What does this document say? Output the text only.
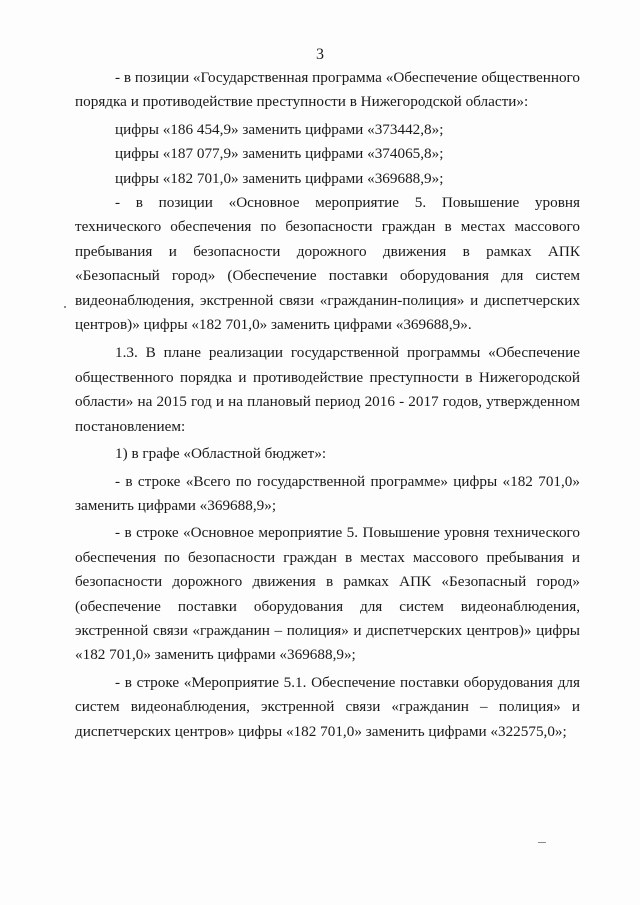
3

- в позиции «Государственная программа «Обеспечение общественного порядка и противодействие преступности в Нижегородской области»:

цифры «186 454,9» заменить цифрами «373442,8»;

цифры «187 077,9» заменить цифрами «374065,8»;

цифры «182 701,0» заменить цифрами «369688,9»;

- в позиции «Основное мероприятие 5. Повышение уровня технического обеспечения по безопасности граждан в местах массового пребывания и безопасности дорожного движения в рамках АПК «Безопасный город» (Обеспечение поставки оборудования для систем видеонаблюдения, экстренной связи «гражданин-полиция» и диспетчерских центров)» цифры «182 701,0» заменить цифрами «369688,9».

1.3. В плане реализации государственной программы «Обеспечение общественного порядка и противодействие преступности в Нижегородской области» на 2015 год и на плановый период 2016 - 2017 годов, утвержденном постановлением:

1) в графе «Областной бюджет»:

- в строке «Всего по государственной программе» цифры «182 701,0» заменить цифрами «369688,9»;

- в строке «Основное мероприятие 5. Повышение уровня технического обеспечения по безопасности граждан в местах массового пребывания и безопасности дорожного движения в рамках АПК «Безопасный город» (обеспечение поставки оборудования для систем видеонаблюдения, экстренной связи «гражданин – полиция» и диспетчерских центров)» цифры «182 701,0» заменить цифрами «369688,9»;

- в строке «Мероприятие 5.1. Обеспечение поставки оборудования для систем видеонаблюдения, экстренной связи «гражданин – полиция» и диспетчерских центров» цифры «182 701,0» заменить цифрами «322575,0»;
